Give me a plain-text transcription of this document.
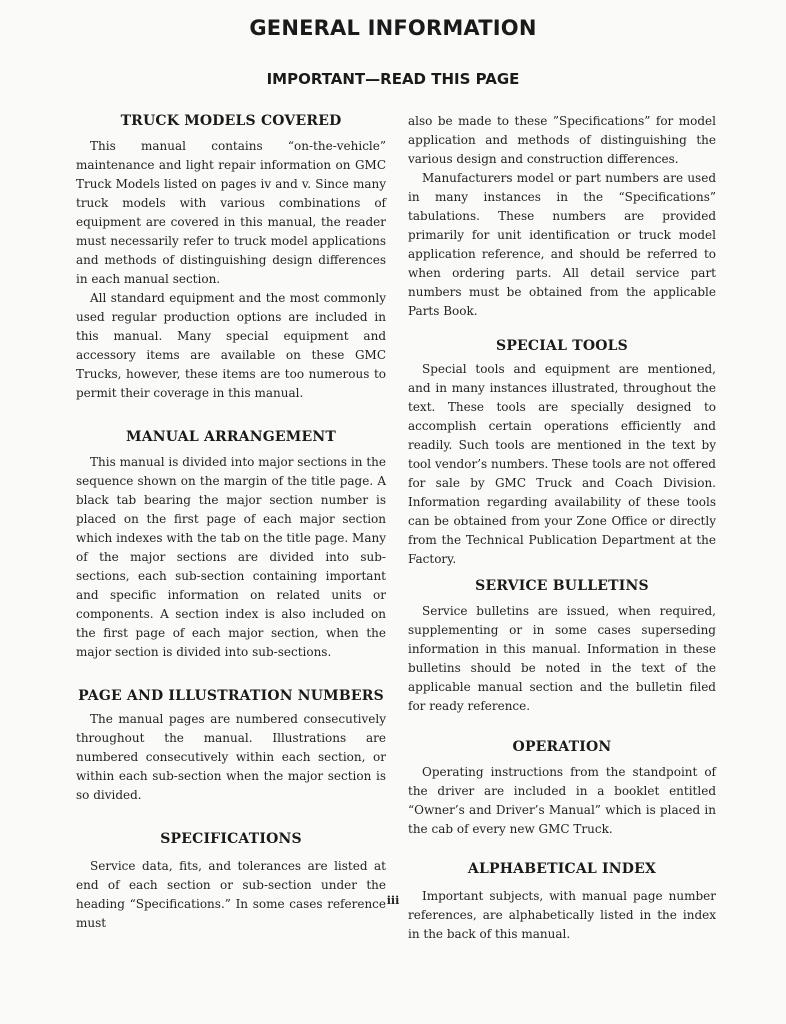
GENERAL INFORMATION
IMPORTANT—READ THIS PAGE
TRUCK MODELS COVERED

This manual contains “on-the-vehicle” maintenance and light repair information on GMC Truck Models listed on pages iv and v. Since many truck models with various combinations of equipment are covered in this manual, the reader must necessarily refer to truck model applications and methods of distinguishing design differences in each manual section.

All standard equipment and the most commonly used regular production options are included in this manual. Many special equipment and accessory items are available on these GMC Trucks, however, these items are too numerous to permit their coverage in this manual.

MANUAL ARRANGEMENT

This manual is divided into major sections in the sequence shown on the margin of the title page. A black tab bearing the major section number is placed on the first page of each major section which indexes with the tab on the title page. Many of the major sections are divided into sub-sections, each sub-section containing important and specific information on related units or components. A section index is also included on the first page of each major section, when the major section is divided into sub-sections.

PAGE AND ILLUSTRATION NUMBERS

The manual pages are numbered consecutively throughout the manual. Illustrations are numbered consecutively within each section, or within each sub-section when the major section is so divided.

SPECIFICATIONS

Service data, fits, and tolerances are listed at end of each section or sub-section under the heading “Specifications.” In some cases reference must

also be made to these ”Specifications” for model application and methods of distinguishing the various design and construction differences.

Manufacturers model or part numbers are used in many instances in the “Specifications” tabulations. These numbers are provided primarily for unit identification or truck model application reference, and should be referred to when ordering parts. All detail service part numbers must be obtained from the applicable Parts Book.

SPECIAL TOOLS

Special tools and equipment are mentioned, and in many instances illustrated, throughout the text. These tools are specially designed to accomplish certain operations efficiently and readily. Such tools are mentioned in the text by tool vendor’s numbers. These tools are not offered for sale by GMC Truck and Coach Division. Information regarding availability of these tools can be obtained from your Zone Office or directly from the Technical Publication Department at the Factory.

SERVICE BULLETINS

Service bulletins are issued, when required, supplementing or in some cases superseding information in this manual. Information in these bulletins should be noted in the text of the applicable manual section and the bulletin filed for ready reference.

OPERATION

Operating instructions from the standpoint of the driver are included in a booklet entitled “Owner’s and Driver’s Manual” which is placed in the cab of every new GMC Truck.

ALPHABETICAL INDEX

Important subjects, with manual page number references, are alphabetically listed in the index in the back of this manual.

iii
